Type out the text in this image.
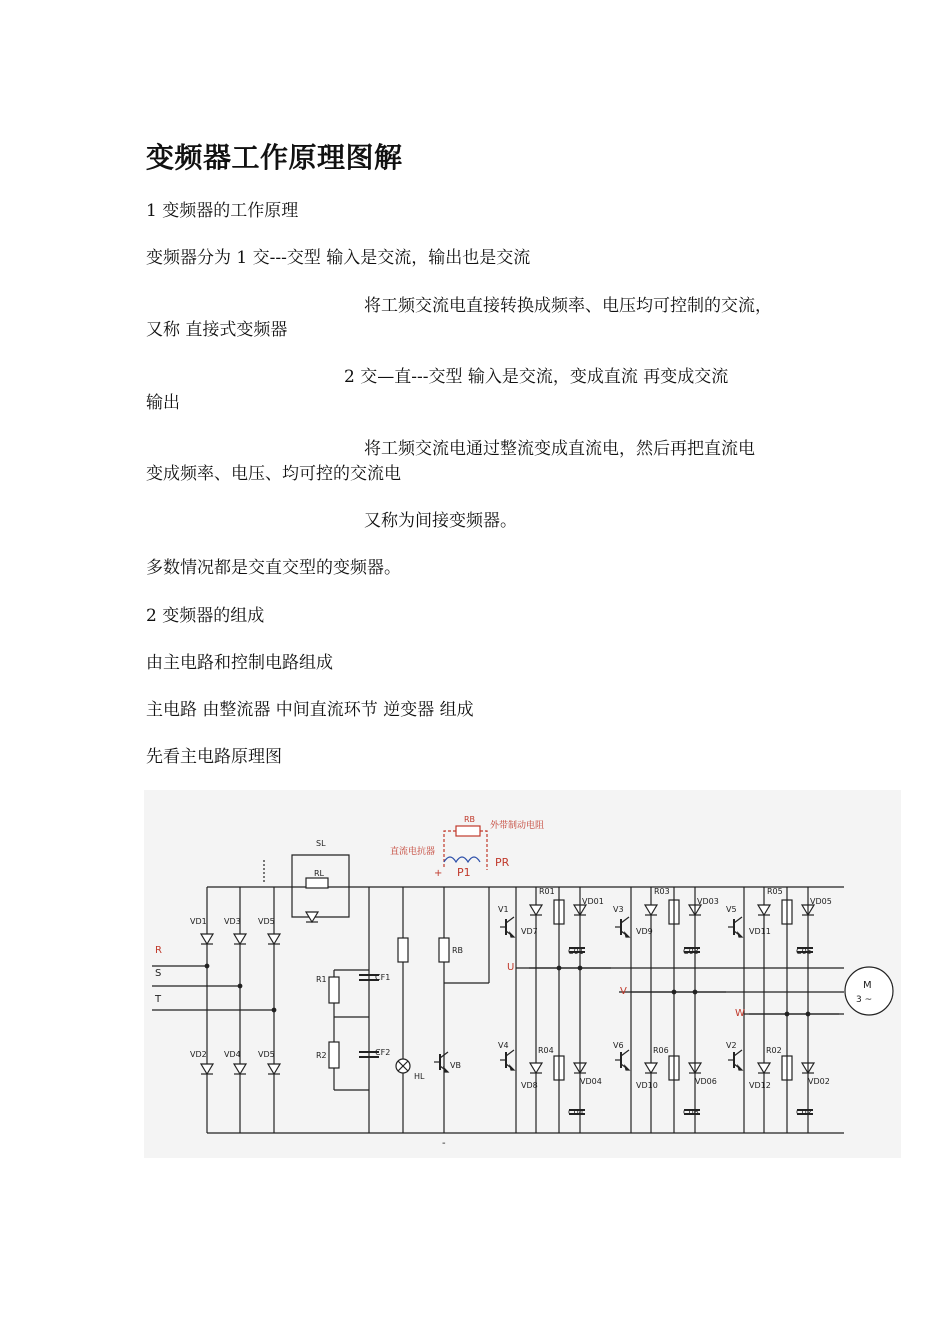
变频器工作原理图解
1 变频器的工作原理
变频器分为 1 交---交型 输入是交流，输出也是交流
将工频交流电直接转换成频率、电压均可控制的交流，
又称 直接式变频器
2 交—直---交型 输入是交流，变成直流 再变成交流
输出
将工频交流电通过整流变成直流电，然后再把直流电
变成频率、电压、均可控的交流电
又称为间接变频器。
多数情况都是交直交型的变频器。
2 变频器的组成
由主电路和控制电路组成
主电路 由整流器 中间直流环节 逆变器 组成
先看主电路原理图
V1
V4
R01
R04
VD01
VD04
VD7
VD8
C01
C04
V3
V6
R03
R06
VD03
VD06
VD9
VD10
C03
C06
V5
V2
R05
R02
VD05
VD02
VD11
VD12
C05
C02
R
S
T
SL
RL
VD1 VD3 VD5
VD2 VD4 VD5
R1
R2
CF1
CF2
HL
RB
VB
RB
外带制动电阻
直流电抗器
+
-
P1
PR
U
V
W
M
3 ~
